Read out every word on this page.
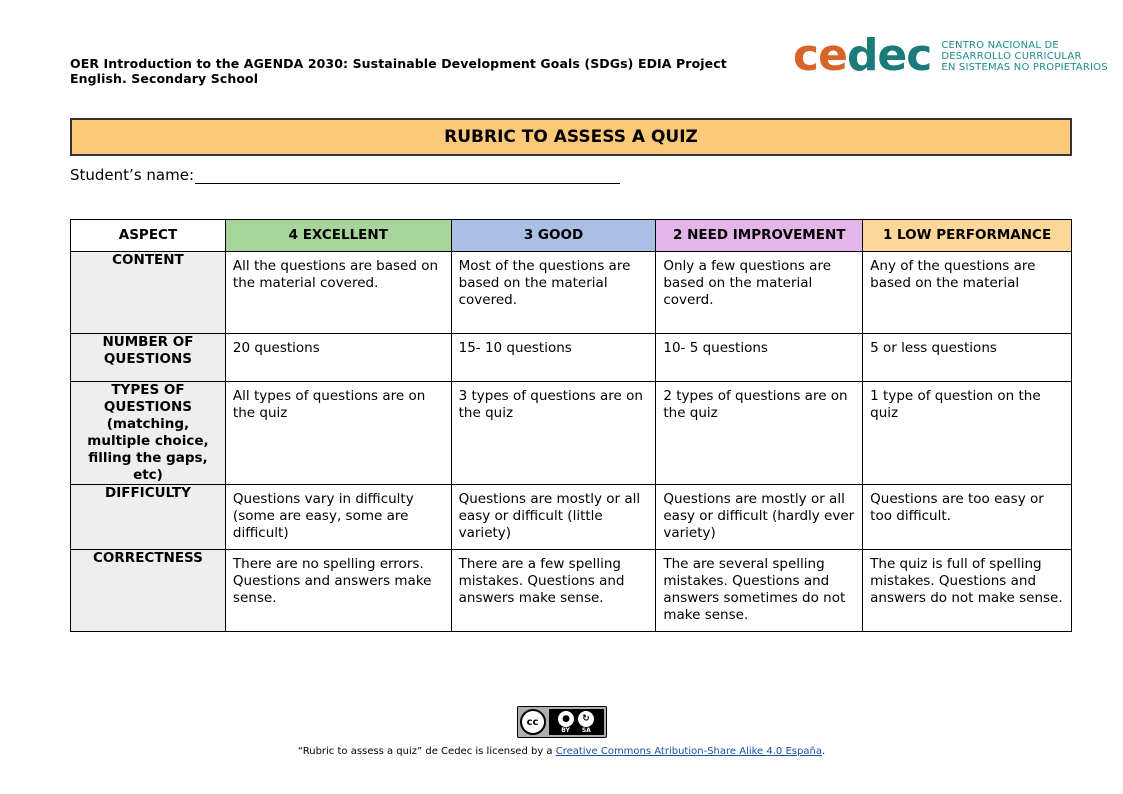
OER Introduction to the AGENDA 2030: Sustainable Development Goals (SDGs) EDIA Project
English. Secondary School	cedec CENTRO NACIONAL DE
DESARROLLO CURRICULAR
EN SISTEMAS NO PROPIETARIOS
RUBRIC TO ASSESS A QUIZ
Student’s name:
ASPECT	4 EXCELLENT	3 GOOD	2 NEED IMPROVEMENT	1 LOW PERFORMANCE
CONTENT	All the questions are based on the material covered.	Most of the questions are based on the material covered.	Only a few questions are based on the material coverd.	Any of the questions are based on the material
NUMBER OF QUESTIONS	20 questions	15- 10 questions	10- 5 questions	5 or less questions
TYPES OF QUESTIONS (matching, multiple choice, filling the gaps, etc)	All types of questions are on the quiz	3 types of questions are on the quiz	2 types of questions are on the quiz	1 type of question on the quiz
DIFFICULTY	Questions vary in difficulty (some are easy, some are difficult)	Questions are mostly or all easy or difficult (little variety)	Questions are mostly or all easy or difficult (hardly ever variety)	Questions are too easy or too difficult.
CORRECTNESS	There are no spelling errors. Questions and answers make sense.	There are a few spelling mistakes. Questions and answers make sense.	The are several spelling mistakes. Questions and answers sometimes do not make sense.	The quiz is full of spelling mistakes. Questions and answers do not make sense.
cc	●	↻
BY SA
“Rubric to assess a quiz” de Cedec is licensed by a Creative Commons Atribution-Share Alike 4.0 España.
